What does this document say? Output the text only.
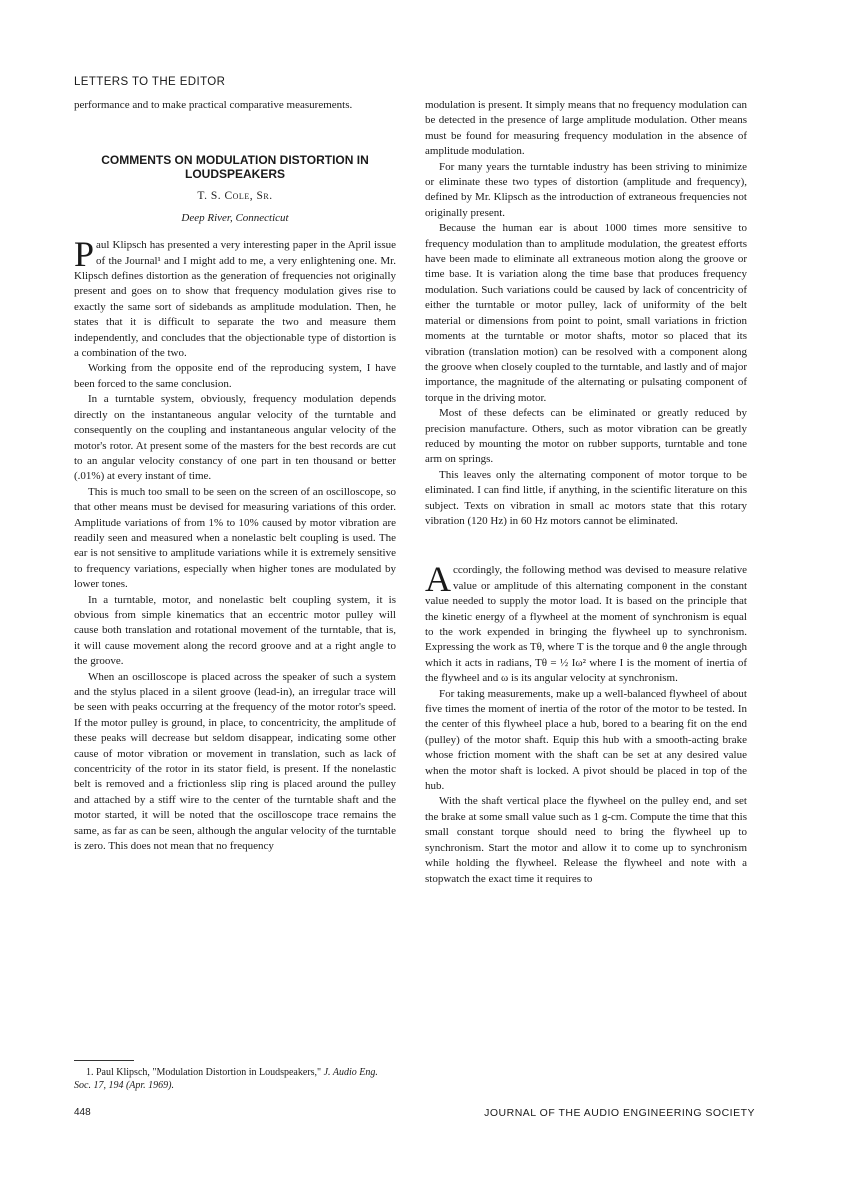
LETTERS TO THE EDITOR

performance and to make practical comparative measurements.

COMMENTS ON MODULATION DISTORTION IN LOUDSPEAKERS
T. S. Cole, Sr.
Deep River, Connecticut

Paul Klipsch has presented a very interesting paper in the April issue of the Journal¹ and I might add to me, a very enlightening one. Mr. Klipsch defines distortion as the generation of frequencies not originally present and goes on to show that frequency modulation gives rise to exactly the same sort of sidebands as amplitude modulation. Then, he states that it is difficult to separate the two and measure them independently, and concludes that the objectionable type of distortion is a combination of the two.

Working from the opposite end of the reproducing system, I have been forced to the same conclusion.

In a turntable system, obviously, frequency modulation depends directly on the instantaneous angular velocity of the turntable and consequently on the coupling and instantaneous angular velocity of the motor's rotor. At present some of the masters for the best records are cut to an angular velocity constancy of one part in ten thousand or better (.01%) at every instant of time.

This is much too small to be seen on the screen of an oscilloscope, so that other means must be devised for measuring variations of this order. Amplitude variations of from 1% to 10% caused by motor vibration are readily seen and measured when a nonelastic belt coupling is used. The ear is not sensitive to amplitude variations while it is extremely sensitive to frequency variations, especially when higher tones are modulated by lower tones.

In a turntable, motor, and nonelastic belt coupling system, it is obvious from simple kinematics that an eccentric motor pulley will cause both translation and rotational movement of the turntable, that is, it will cause movement along the record groove and at a right angle to the groove.

When an oscilloscope is placed across the speaker of such a system and the stylus placed in a silent groove (lead-in), an irregular trace will be seen with peaks occurring at the frequency of the motor rotor's speed. If the motor pulley is ground, in place, to concentricity, the amplitude of these peaks will decrease but seldom disappear, indicating some other cause of motor vibration or movement in translation, such as lack of concentricity of the rotor in its stator field, is present. If the nonelastic belt is removed and a frictionless slip ring is placed around the pulley and attached by a stiff wire to the center of the turntable shaft and the motor started, it will be noted that the oscilloscope trace remains the same, as far as can be seen, although the angular velocity of the turntable is zero. This does not mean that no frequency

modulation is present. It simply means that no frequency modulation can be detected in the presence of large amplitude modulation. Other means must be found for measuring frequency modulation in the absence of amplitude modulation.

For many years the turntable industry has been striving to minimize or eliminate these two types of distortion (amplitude and frequency), defined by Mr. Klipsch as the introduction of extraneous frequencies not originally present.

Because the human ear is about 1000 times more sensitive to frequency modulation than to amplitude modulation, the greatest efforts have been made to eliminate all extraneous motion along the groove or time base. It is variation along the time base that produces frequency modulation. Such variations could be caused by lack of concentricity of either the turntable or motor pulley, lack of uniformity of the belt material or dimensions from point to point, small variations in friction moments at the turntable or motor shafts, motor so placed that its vibration (translation motion) can be resolved with a component along the groove when closely coupled to the turntable, and lastly and of major importance, the magnitude of the alternating or pulsating component of torque in the driving motor.

Most of these defects can be eliminated or greatly reduced by precision manufacture. Others, such as motor vibration can be greatly reduced by mounting the motor on rubber supports, turntable and tone arm on springs.

This leaves only the alternating component of motor torque to be eliminated. I can find little, if anything, in the scientific literature on this subject. Texts on vibration in small ac motors state that this rotary vibration (120 Hz) in 60 Hz motors cannot be eliminated.

Accordingly, the following method was devised to measure relative value or amplitude of this alternating component in the constant value needed to supply the motor load. It is based on the principle that the kinetic energy of a flywheel at the moment of synchronism is equal to the work expended in bringing the flywheel up to synchronism. Expressing the work as Tθ, where T is the torque and θ the angle through which it acts in radians, Tθ = ½ Iω² where I is the moment of inertia of the flywheel and ω is its angular velocity at synchronism.

For taking measurements, make up a well-balanced flywheel of about five times the moment of inertia of the rotor of the motor to be tested. In the center of this flywheel place a hub, bored to a bearing fit on the end (pulley) of the motor shaft. Equip this hub with a smooth-acting brake whose friction moment with the shaft can be set at any desired value when the motor shaft is locked. A pivot should be placed in top of the hub.

With the shaft vertical place the flywheel on the pulley end, and set the brake at some small value such as 1 g-cm. Compute the time that this small constant torque should need to bring the flywheel up to synchronism. Start the motor and allow it to come up to synchronism while holding the flywheel. Release the flywheel and note with a stopwatch the exact time it requires to

1. Paul Klipsch, "Modulation Distortion in Loudspeakers," J. Audio Eng. Soc. 17, 194 (Apr. 1969).
448	JOURNAL OF THE AUDIO ENGINEERING SOCIETY
